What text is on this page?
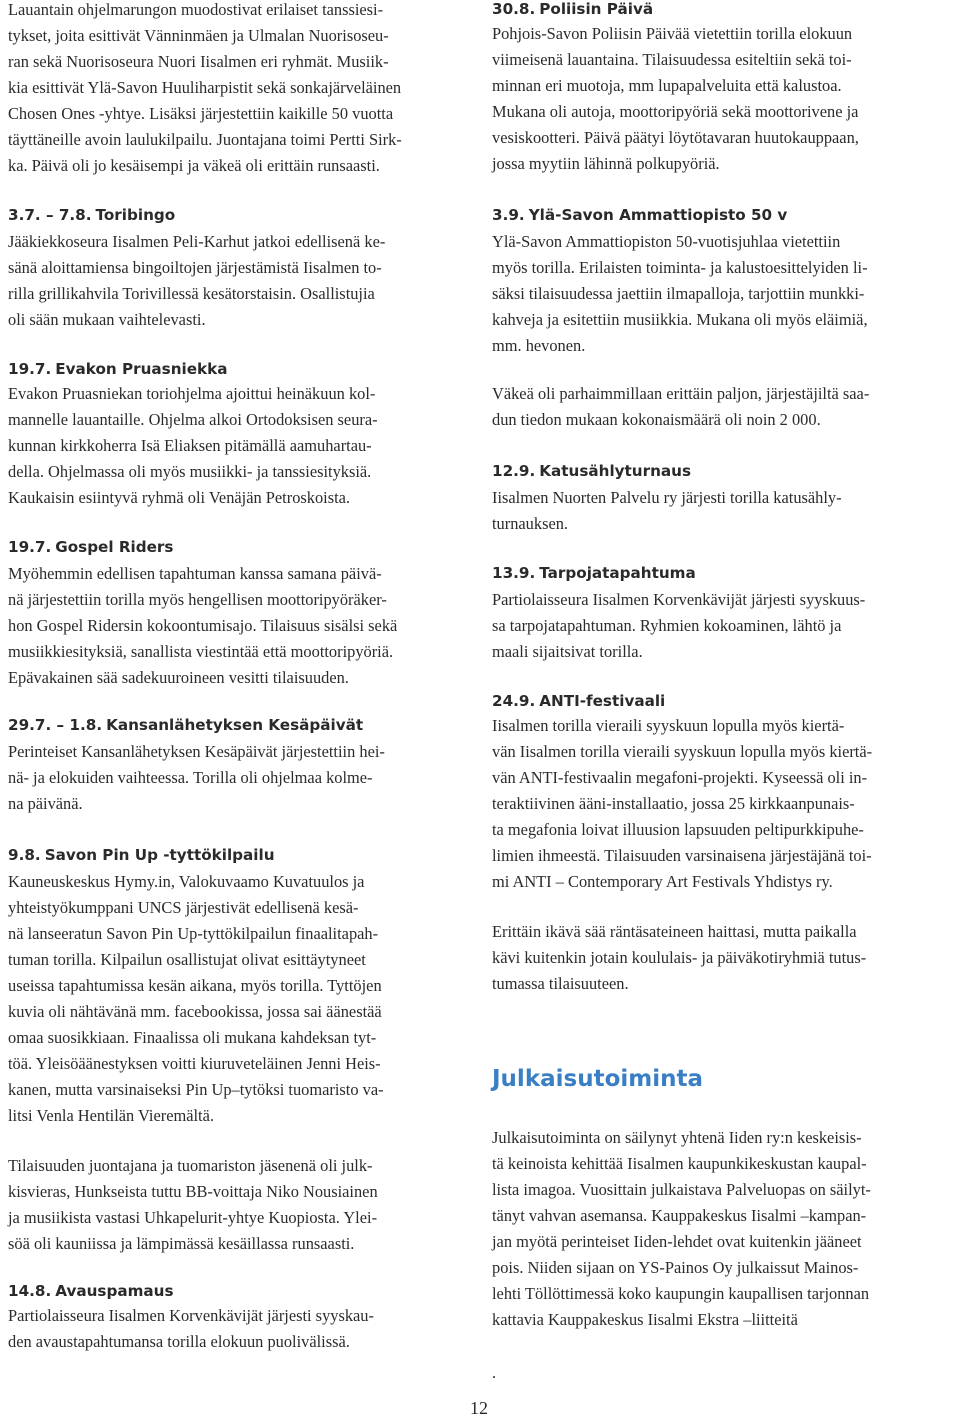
Lauantain ohjelmarungon muodostivat erilaiset tanssiesi-
tykset, joita esittivät Vänninmäen ja Ulmalan Nuorisoseu-
ran sekä Nuorisoseura Nuori Iisalmen eri ryhmät. Musiik-
kia esittivät Ylä-Savon Huuliharpistit sekä sonkajärveläinen
Chosen Ones -yhtye. Lisäksi järjestettiin kaikille 50 vuotta
täyttäneille avoin laulukilpailu. Juontajana toimi Pertti Sirk-
ka. Päivä oli jo kesäisempi ja väkeä oli erittäin runsaasti.
3.7. – 7.8. Toribingo
Jääkiekkoseura Iisalmen Peli-Karhut jatkoi edellisenä ke-
sänä aloittamiensa bingoiltojen järjestämistä Iisalmen to-
rilla grillikahvila Torivillessä kesätorstaisin. Osallistujia
oli sään mukaan vaihtelevasti.
19.7. Evakon Pruasniekka
Evakon Pruasniekan toriohjelma ajoittui heinäkuun kol-
mannelle lauantaille. Ohjelma alkoi Ortodoksisen seura-
kunnan kirkkoherra Isä Eliaksen pitämällä aamuhartau-
della. Ohjelmassa oli myös musiikki- ja tanssiesityksiä.
Kaukaisin esiintyvä ryhmä oli Venäjän Petroskoista.
19.7. Gospel Riders
Myöhemmin edellisen tapahtuman kanssa samana päivä-
nä järjestettiin torilla myös hengellisen moottoripyöräker-
hon Gospel Ridersin kokoontumisajo. Tilaisuus sisälsi sekä
musiikkiesityksiä, sanallista viestintää että moottoripyöriä.
Epävakainen sää sadekuuroineen vesitti tilaisuuden.
29.7. – 1.8. Kansanlähetyksen Kesäpäivät
Perinteiset Kansanlähetyksen Kesäpäivät järjestettiin hei-
nä- ja elokuiden vaihteessa. Torilla oli ohjelmaa kolme-
na päivänä.
9.8. Savon Pin Up -tyttökilpailu
Kauneuskeskus Hymy.in, Valokuvaamo Kuvatuulos ja
yhteistyökumppani UNCS järjestivät edellisenä kesä-
nä lanseeratun Savon Pin Up-tyttökilpailun finaalitapah-
tuman torilla. Kilpailun osallistujat olivat esittäytyneet
useissa tapahtumissa kesän aikana, myös torilla. Tyttöjen
kuvia oli nähtävänä mm. facebookissa, jossa sai äänestää
omaa suosikkiaan. Finaalissa oli mukana kahdeksan tyt-
töä. Yleisöäänestyksen voitti kiuruveteläinen Jenni Heis-
kanen, mutta varsinaiseksi Pin Up–tytöksi tuomaristo va-
litsi Venla Hentilän Vieremältä.
Tilaisuuden juontajana ja tuomariston jäsenenä oli julk-
kisvieras, Hunkseista tuttu BB-voittaja Niko Nousiainen
ja musiikista vastasi Uhkapelurit-yhtye Kuopiosta. Ylei-
söä oli kauniissa ja lämpimässä kesäillassa runsaasti.
14.8. Avauspamaus
Partiolaisseura Iisalmen Korvenkävijät järjesti syyskau-
den avaustapahtumansa torilla elokuun puolivälissä.
30.8. Poliisin Päivä
Pohjois-Savon Poliisin Päivää vietettiin torilla elokuun
viimeisenä lauantaina. Tilaisuudessa esiteltiin sekä toi-
minnan eri muotoja, mm lupapalveluita että kalustoa.
Mukana oli autoja, moottoripyöriä sekä moottorivene ja
vesiskootteri. Päivä päätyi löytötavaran huutokauppaan,
jossa myytiin lähinnä polkupyöriä.
3.9. Ylä-Savon Ammattiopisto 50 v
Ylä-Savon Ammattiopiston 50-vuotisjuhlaa vietettiin
myös torilla. Erilaisten toiminta- ja kalustoesittelyiden li-
säksi tilaisuudessa jaettiin ilmapalloja, tarjottiin munkki-
kahveja ja esitettiin musiikkia. Mukana oli myös eläimiä,
mm. hevonen.
Väkeä oli parhaimmillaan erittäin paljon, järjestäjiltä saa-
dun tiedon mukaan kokonaismäärä oli noin 2 000.
12.9. Katusählyturnaus
Iisalmen Nuorten Palvelu ry järjesti torilla katusähly-
turnauksen.
13.9. Tarpojatapahtuma
Partiolaisseura Iisalmen Korvenkävijät järjesti syyskuus-
sa tarpojatapahtuman. Ryhmien kokoaminen, lähtö ja
maali sijaitsivat torilla.
24.9. ANTI-festivaali
Iisalmen torilla vieraili syyskuun lopulla myös kiertä-
vän Iisalmen torilla vieraili syyskuun lopulla myös kiertä-
vän ANTI-festivaalin megafoni-projekti. Kyseessä oli in-
teraktiivinen ääni-installaatio, jossa 25 kirkkaanpunais-
ta megafonia loivat illuusion lapsuuden peltipurkkipuhe-
limien ihmeestä. Tilaisuuden varsinaisena järjestäjänä toi-
mi ANTI – Contemporary Art Festivals Yhdistys ry.
Erittäin ikävä sää räntäsateineen haittasi, mutta paikalla
kävi kuitenkin jotain koululais- ja päiväkotiryhmiä tutus-
tumassa tilaisuuteen.
Julkaisutoiminta
Julkaisutoiminta on säilynyt yhtenä Iiden ry:n keskeisis-
tä keinoista kehittää Iisalmen kaupunkikeskustan kaupal-
lista imagoa. Vuosittain julkaistava Palveluopas on säilyt-
tänyt vahvan asemansa. Kauppakeskus Iisalmi –kampan-
jan myötä perinteiset Iiden-lehdet ovat kuitenkin jääneet
pois. Niiden sijaan on YS-Painos Oy julkaissut Mainos-
lehti Töllöttimessä koko kaupungin kaupallisen tarjonnan
kattavia Kauppakeskus Iisalmi Ekstra –liitteitä
.
12
